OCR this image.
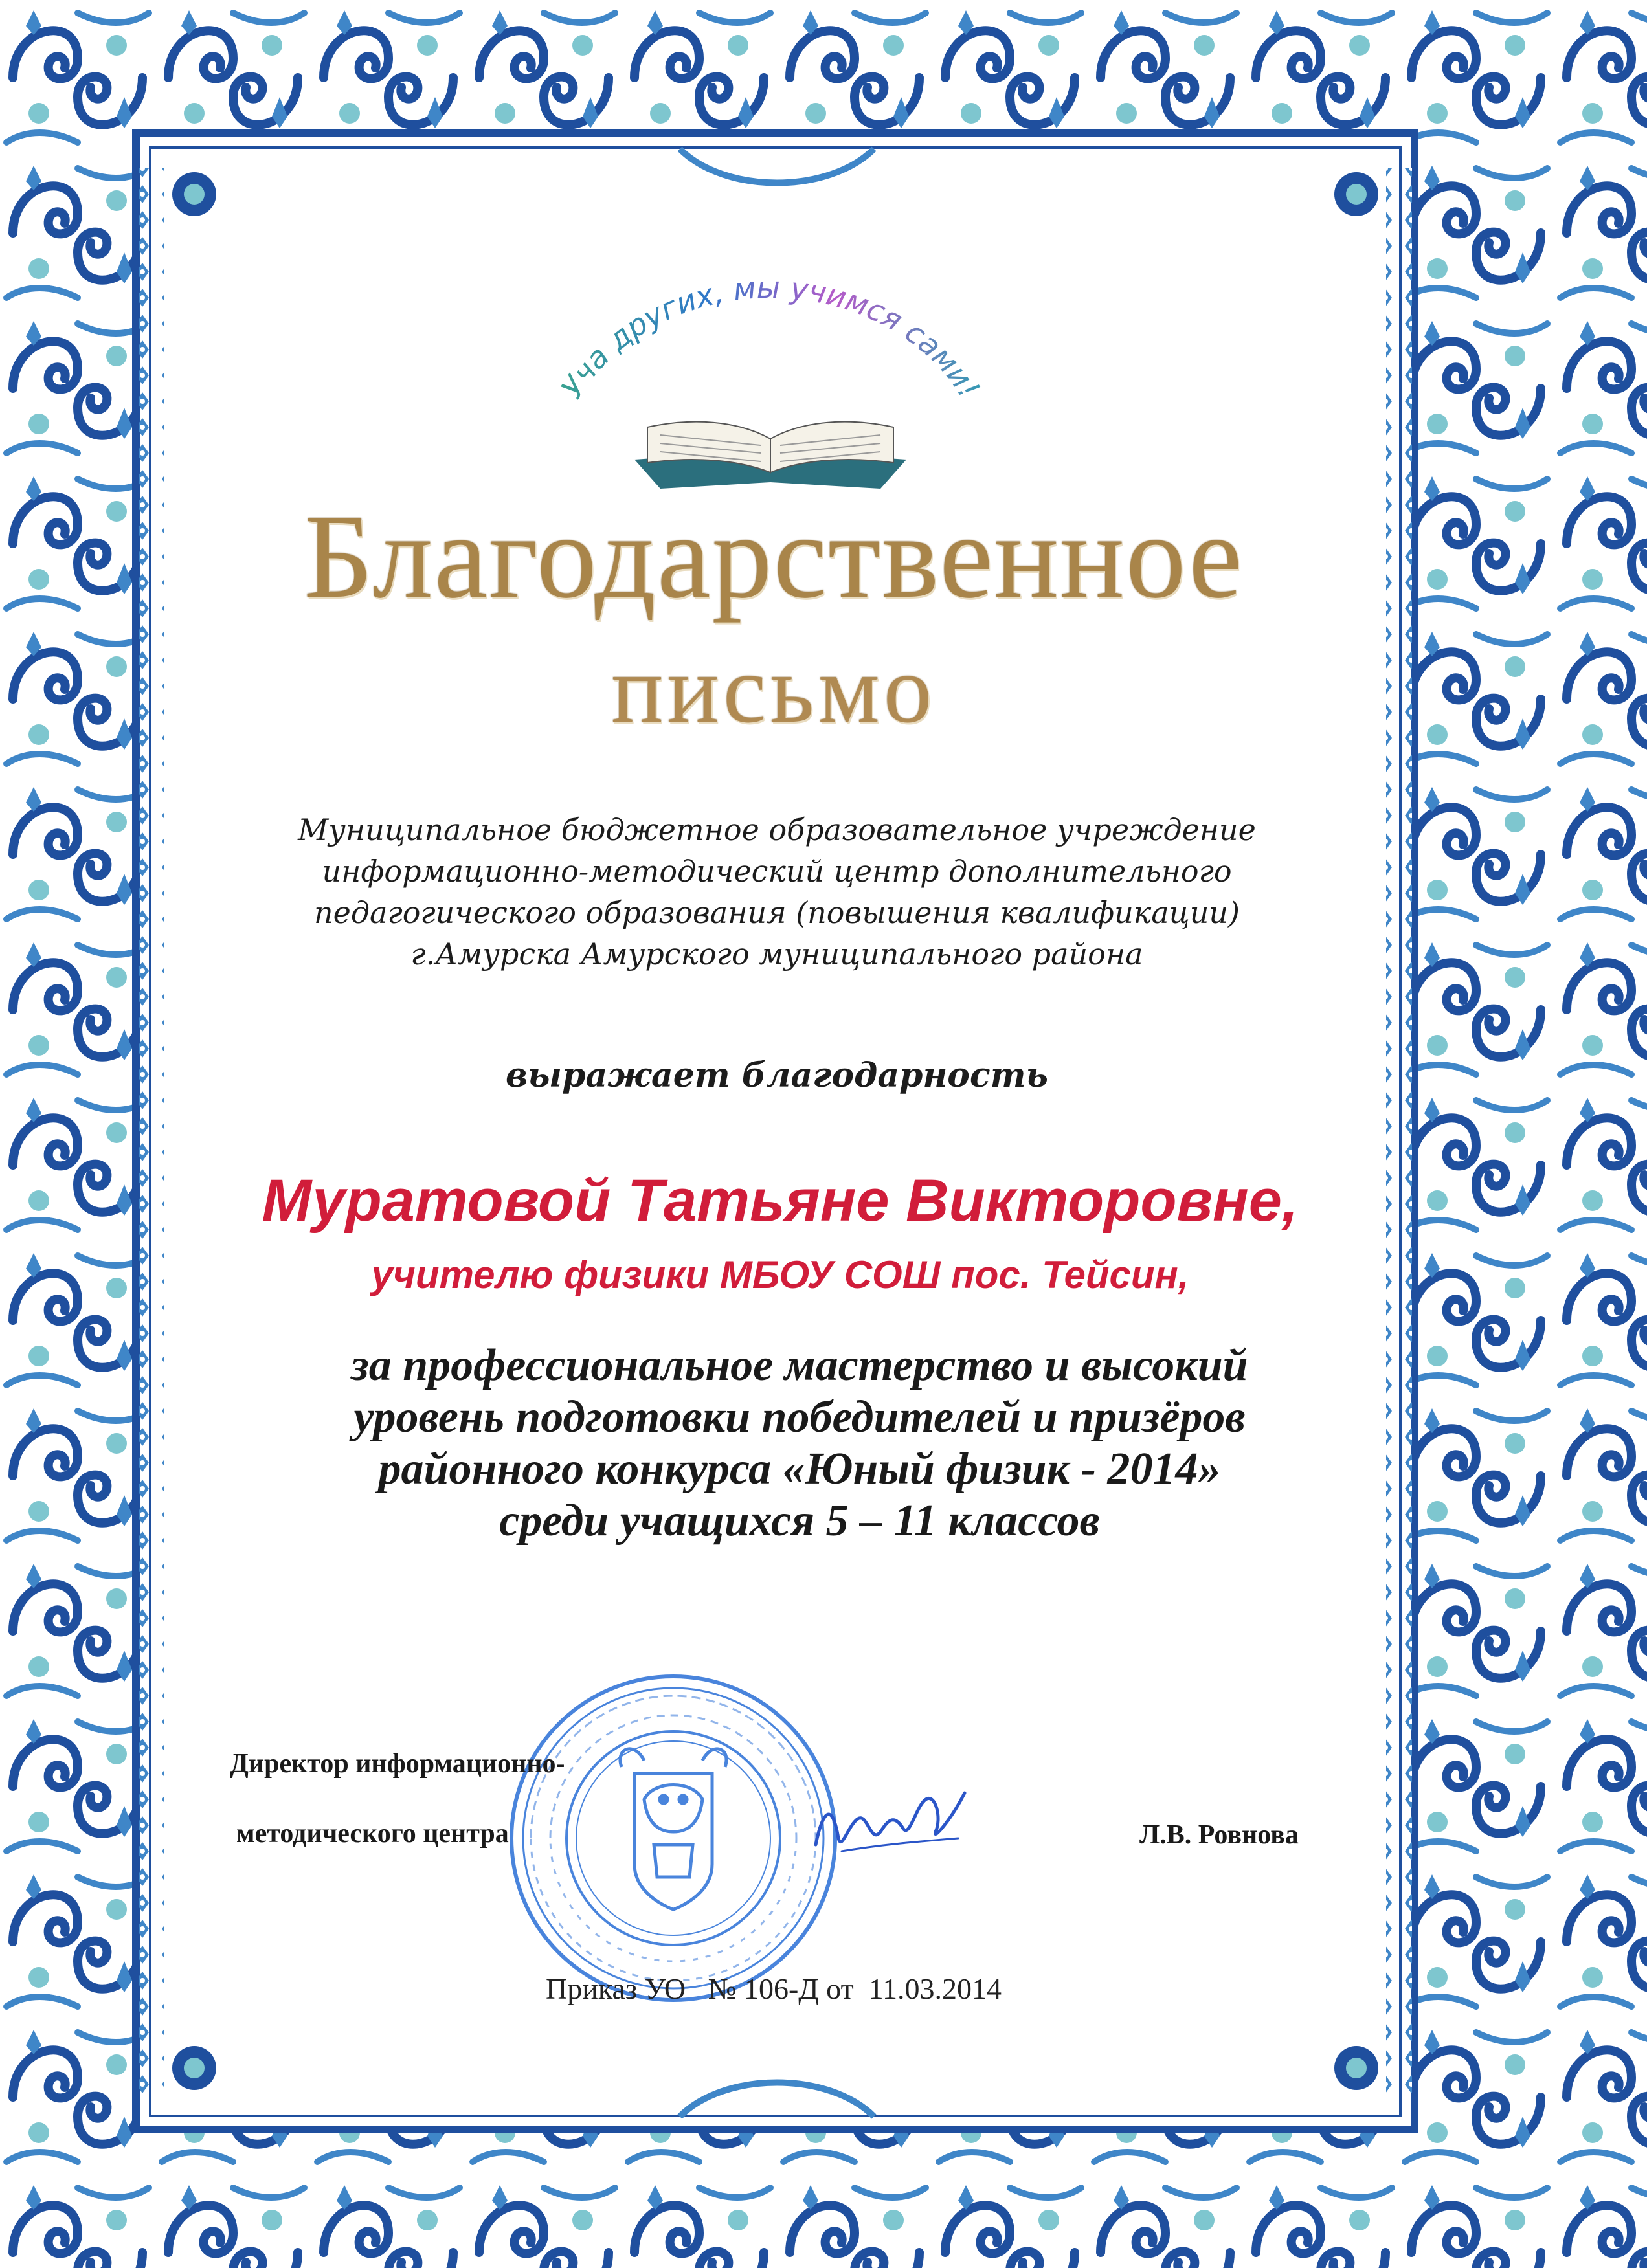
Уча других, мы учимся сами!
Благодарственное
письмо
Муниципальное бюджетное образовательное учреждение
информационно-методический центр дополнительного
педагогического образования (повышения квалификации)
г.Амурска Амурского муниципального района
выражает благодарность
Муратовой Татьяне Викторовне,
учителю физики МБОУ СОШ пос. Тейсин,
за профессиональное мастерство и высокий
уровень подготовки победителей и призёров
районного конкурса «Юный физик - 2014»
среди учащихся 5 – 11 классов
Директор информационно-
методического центра	Л.В. Ровнова
Приказ УО   № 106-Д от  11.03.2014
